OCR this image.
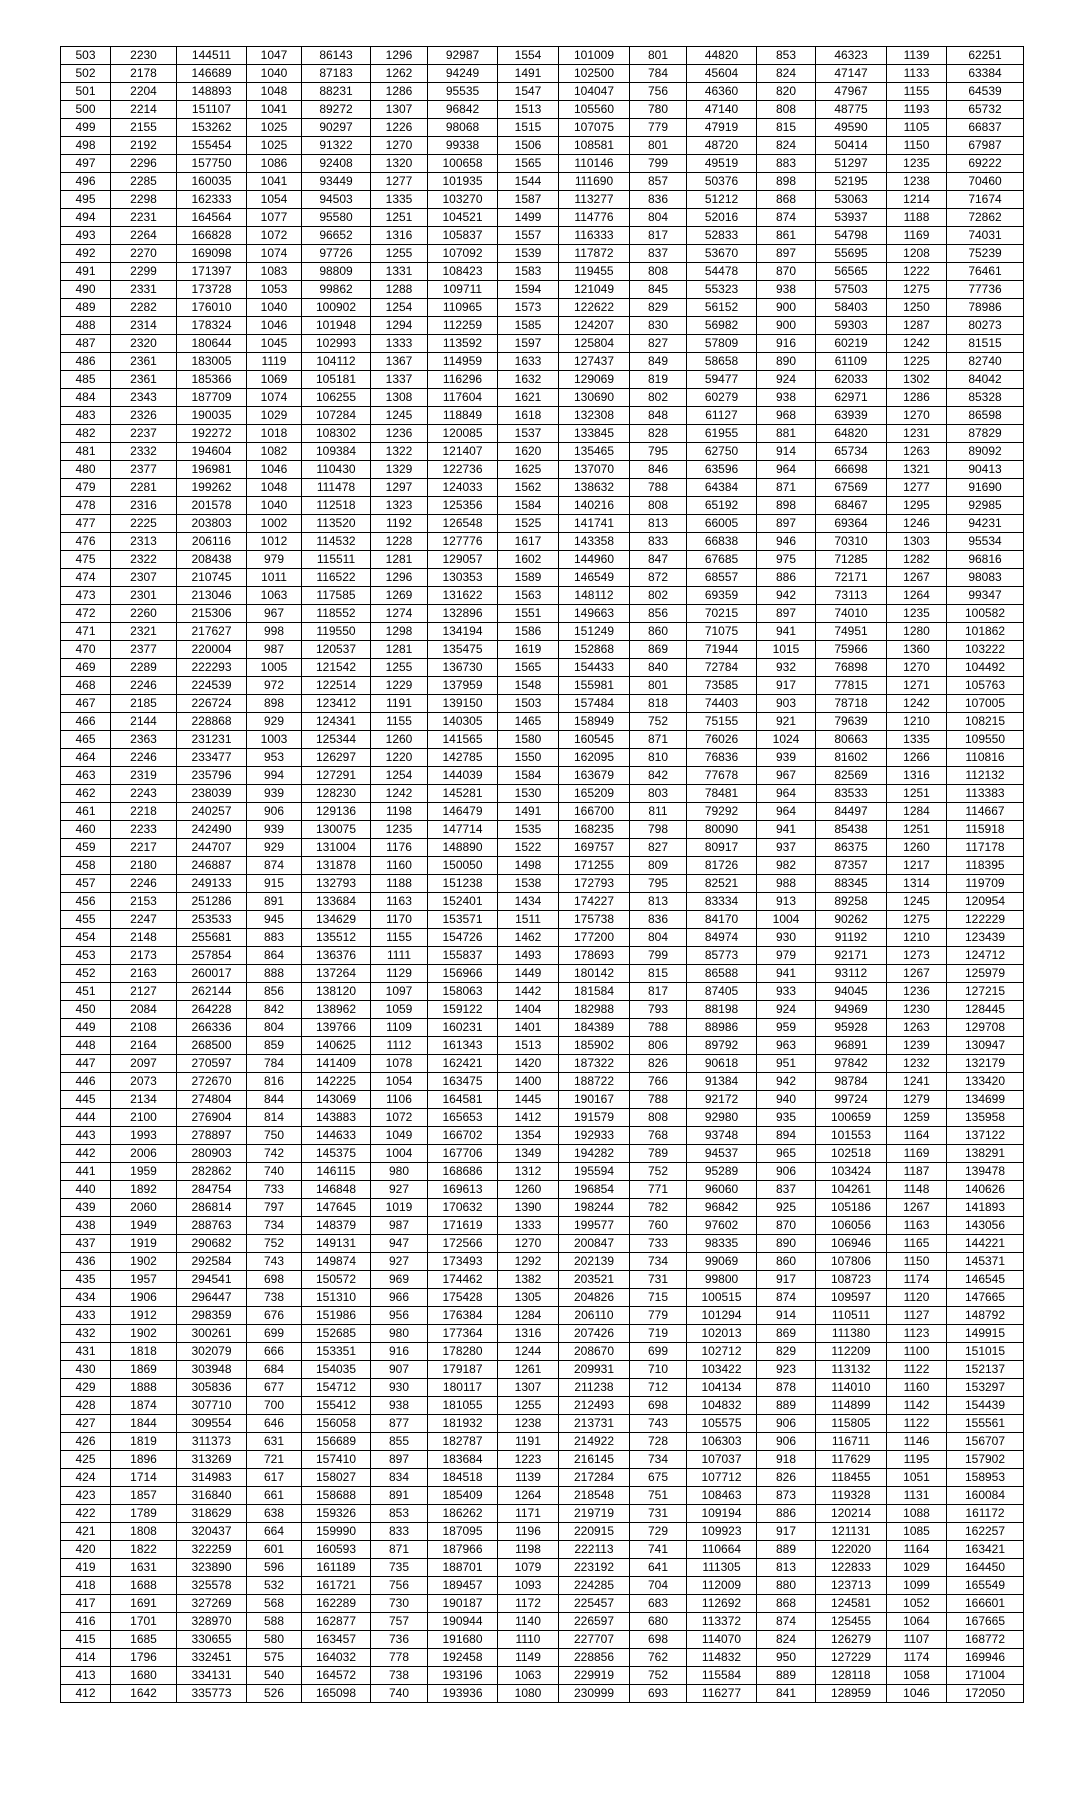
503	2230	144511	1047	86143	1296	92987	1554	101009	801	44820	853	46323	1139	62251
502	2178	146689	1040	87183	1262	94249	1491	102500	784	45604	824	47147	1133	63384
501	2204	148893	1048	88231	1286	95535	1547	104047	756	46360	820	47967	1155	64539
500	2214	151107	1041	89272	1307	96842	1513	105560	780	47140	808	48775	1193	65732
499	2155	153262	1025	90297	1226	98068	1515	107075	779	47919	815	49590	1105	66837
498	2192	155454	1025	91322	1270	99338	1506	108581	801	48720	824	50414	1150	67987
497	2296	157750	1086	92408	1320	100658	1565	110146	799	49519	883	51297	1235	69222
496	2285	160035	1041	93449	1277	101935	1544	111690	857	50376	898	52195	1238	70460
495	2298	162333	1054	94503	1335	103270	1587	113277	836	51212	868	53063	1214	71674
494	2231	164564	1077	95580	1251	104521	1499	114776	804	52016	874	53937	1188	72862
493	2264	166828	1072	96652	1316	105837	1557	116333	817	52833	861	54798	1169	74031
492	2270	169098	1074	97726	1255	107092	1539	117872	837	53670	897	55695	1208	75239
491	2299	171397	1083	98809	1331	108423	1583	119455	808	54478	870	56565	1222	76461
490	2331	173728	1053	99862	1288	109711	1594	121049	845	55323	938	57503	1275	77736
489	2282	176010	1040	100902	1254	110965	1573	122622	829	56152	900	58403	1250	78986
488	2314	178324	1046	101948	1294	112259	1585	124207	830	56982	900	59303	1287	80273
487	2320	180644	1045	102993	1333	113592	1597	125804	827	57809	916	60219	1242	81515
486	2361	183005	1119	104112	1367	114959	1633	127437	849	58658	890	61109	1225	82740
485	2361	185366	1069	105181	1337	116296	1632	129069	819	59477	924	62033	1302	84042
484	2343	187709	1074	106255	1308	117604	1621	130690	802	60279	938	62971	1286	85328
483	2326	190035	1029	107284	1245	118849	1618	132308	848	61127	968	63939	1270	86598
482	2237	192272	1018	108302	1236	120085	1537	133845	828	61955	881	64820	1231	87829
481	2332	194604	1082	109384	1322	121407	1620	135465	795	62750	914	65734	1263	89092
480	2377	196981	1046	110430	1329	122736	1625	137070	846	63596	964	66698	1321	90413
479	2281	199262	1048	111478	1297	124033	1562	138632	788	64384	871	67569	1277	91690
478	2316	201578	1040	112518	1323	125356	1584	140216	808	65192	898	68467	1295	92985
477	2225	203803	1002	113520	1192	126548	1525	141741	813	66005	897	69364	1246	94231
476	2313	206116	1012	114532	1228	127776	1617	143358	833	66838	946	70310	1303	95534
475	2322	208438	979	115511	1281	129057	1602	144960	847	67685	975	71285	1282	96816
474	2307	210745	1011	116522	1296	130353	1589	146549	872	68557	886	72171	1267	98083
473	2301	213046	1063	117585	1269	131622	1563	148112	802	69359	942	73113	1264	99347
472	2260	215306	967	118552	1274	132896	1551	149663	856	70215	897	74010	1235	100582
471	2321	217627	998	119550	1298	134194	1586	151249	860	71075	941	74951	1280	101862
470	2377	220004	987	120537	1281	135475	1619	152868	869	71944	1015	75966	1360	103222
469	2289	222293	1005	121542	1255	136730	1565	154433	840	72784	932	76898	1270	104492
468	2246	224539	972	122514	1229	137959	1548	155981	801	73585	917	77815	1271	105763
467	2185	226724	898	123412	1191	139150	1503	157484	818	74403	903	78718	1242	107005
466	2144	228868	929	124341	1155	140305	1465	158949	752	75155	921	79639	1210	108215
465	2363	231231	1003	125344	1260	141565	1580	160545	871	76026	1024	80663	1335	109550
464	2246	233477	953	126297	1220	142785	1550	162095	810	76836	939	81602	1266	110816
463	2319	235796	994	127291	1254	144039	1584	163679	842	77678	967	82569	1316	112132
462	2243	238039	939	128230	1242	145281	1530	165209	803	78481	964	83533	1251	113383
461	2218	240257	906	129136	1198	146479	1491	166700	811	79292	964	84497	1284	114667
460	2233	242490	939	130075	1235	147714	1535	168235	798	80090	941	85438	1251	115918
459	2217	244707	929	131004	1176	148890	1522	169757	827	80917	937	86375	1260	117178
458	2180	246887	874	131878	1160	150050	1498	171255	809	81726	982	87357	1217	118395
457	2246	249133	915	132793	1188	151238	1538	172793	795	82521	988	88345	1314	119709
456	2153	251286	891	133684	1163	152401	1434	174227	813	83334	913	89258	1245	120954
455	2247	253533	945	134629	1170	153571	1511	175738	836	84170	1004	90262	1275	122229
454	2148	255681	883	135512	1155	154726	1462	177200	804	84974	930	91192	1210	123439
453	2173	257854	864	136376	1111	155837	1493	178693	799	85773	979	92171	1273	124712
452	2163	260017	888	137264	1129	156966	1449	180142	815	86588	941	93112	1267	125979
451	2127	262144	856	138120	1097	158063	1442	181584	817	87405	933	94045	1236	127215
450	2084	264228	842	138962	1059	159122	1404	182988	793	88198	924	94969	1230	128445
449	2108	266336	804	139766	1109	160231	1401	184389	788	88986	959	95928	1263	129708
448	2164	268500	859	140625	1112	161343	1513	185902	806	89792	963	96891	1239	130947
447	2097	270597	784	141409	1078	162421	1420	187322	826	90618	951	97842	1232	132179
446	2073	272670	816	142225	1054	163475	1400	188722	766	91384	942	98784	1241	133420
445	2134	274804	844	143069	1106	164581	1445	190167	788	92172	940	99724	1279	134699
444	2100	276904	814	143883	1072	165653	1412	191579	808	92980	935	100659	1259	135958
443	1993	278897	750	144633	1049	166702	1354	192933	768	93748	894	101553	1164	137122
442	2006	280903	742	145375	1004	167706	1349	194282	789	94537	965	102518	1169	138291
441	1959	282862	740	146115	980	168686	1312	195594	752	95289	906	103424	1187	139478
440	1892	284754	733	146848	927	169613	1260	196854	771	96060	837	104261	1148	140626
439	2060	286814	797	147645	1019	170632	1390	198244	782	96842	925	105186	1267	141893
438	1949	288763	734	148379	987	171619	1333	199577	760	97602	870	106056	1163	143056
437	1919	290682	752	149131	947	172566	1270	200847	733	98335	890	106946	1165	144221
436	1902	292584	743	149874	927	173493	1292	202139	734	99069	860	107806	1150	145371
435	1957	294541	698	150572	969	174462	1382	203521	731	99800	917	108723	1174	146545
434	1906	296447	738	151310	966	175428	1305	204826	715	100515	874	109597	1120	147665
433	1912	298359	676	151986	956	176384	1284	206110	779	101294	914	110511	1127	148792
432	1902	300261	699	152685	980	177364	1316	207426	719	102013	869	111380	1123	149915
431	1818	302079	666	153351	916	178280	1244	208670	699	102712	829	112209	1100	151015
430	1869	303948	684	154035	907	179187	1261	209931	710	103422	923	113132	1122	152137
429	1888	305836	677	154712	930	180117	1307	211238	712	104134	878	114010	1160	153297
428	1874	307710	700	155412	938	181055	1255	212493	698	104832	889	114899	1142	154439
427	1844	309554	646	156058	877	181932	1238	213731	743	105575	906	115805	1122	155561
426	1819	311373	631	156689	855	182787	1191	214922	728	106303	906	116711	1146	156707
425	1896	313269	721	157410	897	183684	1223	216145	734	107037	918	117629	1195	157902
424	1714	314983	617	158027	834	184518	1139	217284	675	107712	826	118455	1051	158953
423	1857	316840	661	158688	891	185409	1264	218548	751	108463	873	119328	1131	160084
422	1789	318629	638	159326	853	186262	1171	219719	731	109194	886	120214	1088	161172
421	1808	320437	664	159990	833	187095	1196	220915	729	109923	917	121131	1085	162257
420	1822	322259	601	160593	871	187966	1198	222113	741	110664	889	122020	1164	163421
419	1631	323890	596	161189	735	188701	1079	223192	641	111305	813	122833	1029	164450
418	1688	325578	532	161721	756	189457	1093	224285	704	112009	880	123713	1099	165549
417	1691	327269	568	162289	730	190187	1172	225457	683	112692	868	124581	1052	166601
416	1701	328970	588	162877	757	190944	1140	226597	680	113372	874	125455	1064	167665
415	1685	330655	580	163457	736	191680	1110	227707	698	114070	824	126279	1107	168772
414	1796	332451	575	164032	778	192458	1149	228856	762	114832	950	127229	1174	169946
413	1680	334131	540	164572	738	193196	1063	229919	752	115584	889	128118	1058	171004
412	1642	335773	526	165098	740	193936	1080	230999	693	116277	841	128959	1046	172050
